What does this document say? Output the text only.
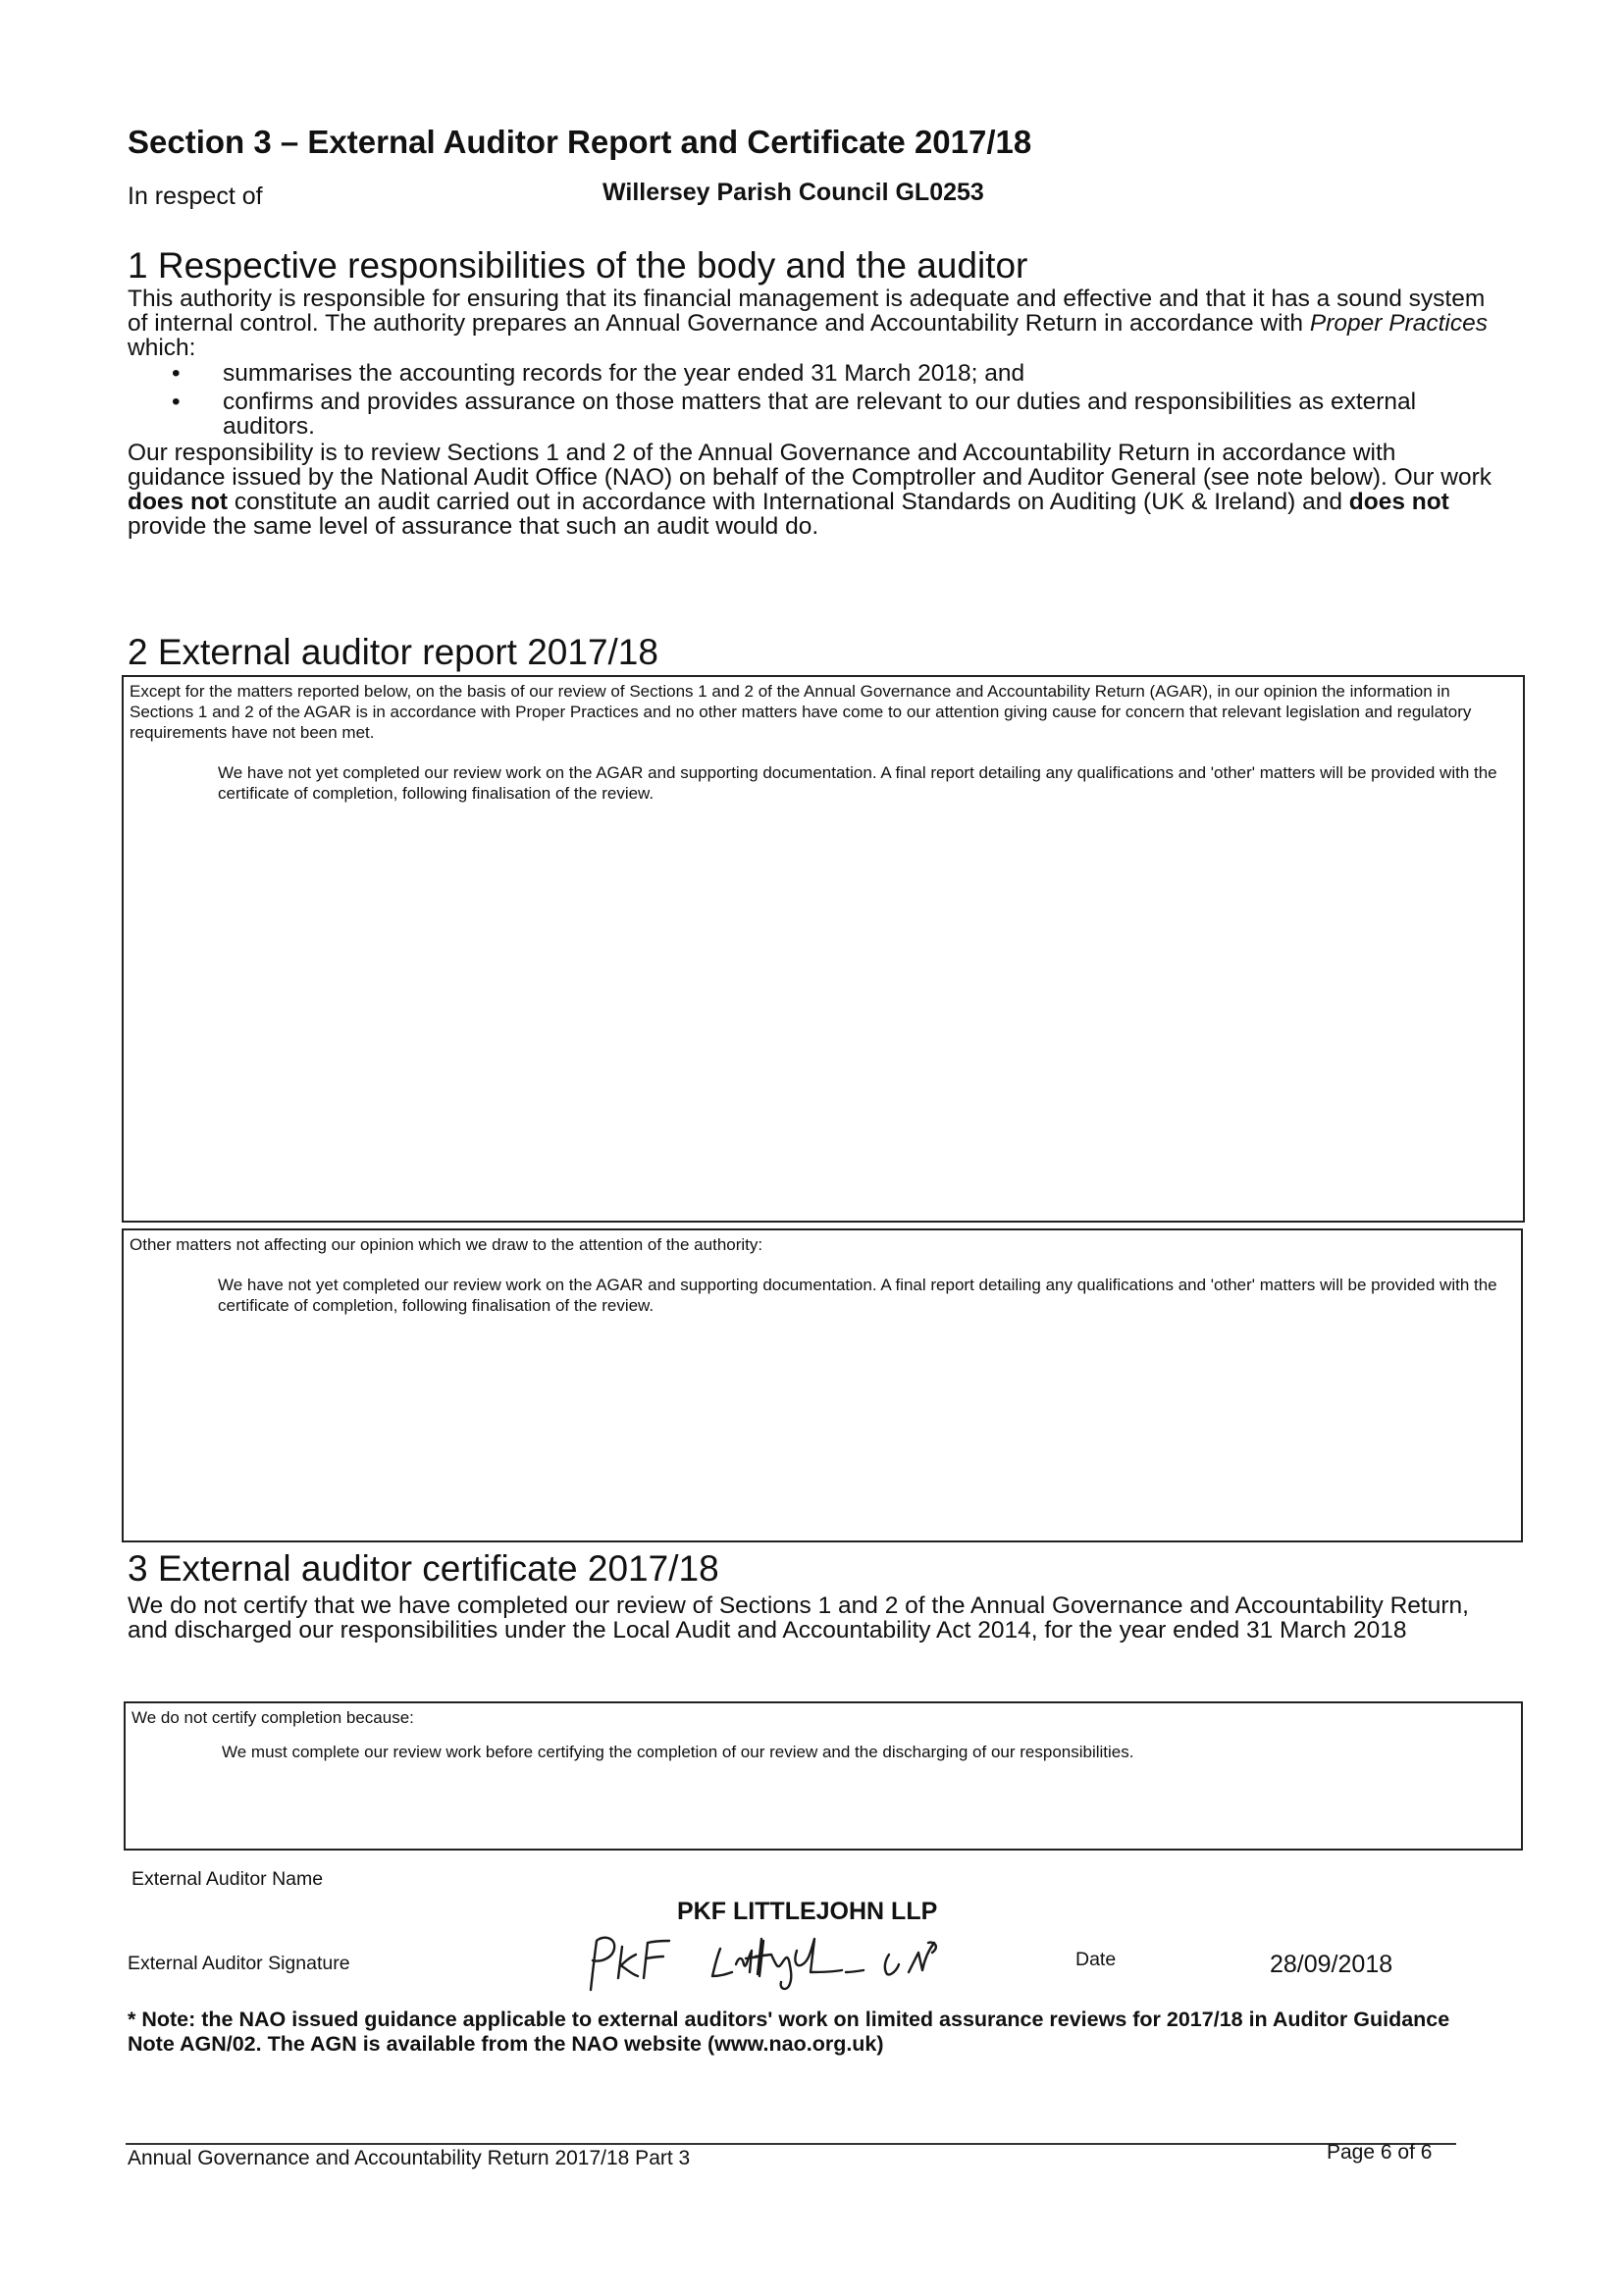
Section 3 – External Auditor Report and Certificate 2017/18
In respect of	Willersey Parish Council GL0253
1 Respective responsibilities of the body and the auditor

This authority is responsible for ensuring that its financial management is adequate and effective and that it has a sound system of internal control. The authority prepares an Annual Governance and Accountability Return in accordance with Proper Practices which:

• summarises the accounting records for the year ended 31 March 2018; and
• confirms and provides assurance on those matters that are relevant to our duties and responsibilities as external auditors.

Our responsibility is to review Sections 1 and 2 of the Annual Governance and Accountability Return in accordance with guidance issued by the National Audit Office (NAO) on behalf of the Comptroller and Auditor General (see note below). Our work does not constitute an audit carried out in accordance with International Standards on Auditing (UK & Ireland) and does not provide the same level of assurance that such an audit would do.

2 External auditor report 2017/18

Except for the matters reported below, on the basis of our review of Sections 1 and 2 of the Annual Governance and Accountability Return (AGAR), in our opinion the information in Sections 1 and 2 of the AGAR is in accordance with Proper Practices and no other matters have come to our attention giving cause for concern that relevant legislation and regulatory requirements have not been met.

We have not yet completed our review work on the AGAR and supporting documentation. A final report detailing any qualifications and 'other' matters will be provided with the certificate of completion, following finalisation of the review.

Other matters not affecting our opinion which we draw to the attention of the authority:

We have not yet completed our review work on the AGAR and supporting documentation. A final report detailing any qualifications and 'other' matters will be provided with the certificate of completion, following finalisation of the review.

3 External auditor certificate 2017/18
We do not certify that we have completed our review of Sections 1 and 2 of the Annual Governance and Accountability Return, and discharged our responsibilities under the Local Audit and Accountability Act 2014, for the year ended 31 March 2018

We do not certify completion because:

We must complete our review work before certifying the completion of our review and the discharging of our responsibilities.

External Auditor Name
PKF LITTLEJOHN LLP
External Auditor Signature	Date	28/09/2018
* Note: the NAO issued guidance applicable to external auditors' work on limited assurance reviews for 2017/18 in Auditor Guidance Note AGN/02. The AGN is available from the NAO website (www.nao.org.uk)
Annual Governance and Accountability Return 2017/18 Part 3	Page 6 of 6
